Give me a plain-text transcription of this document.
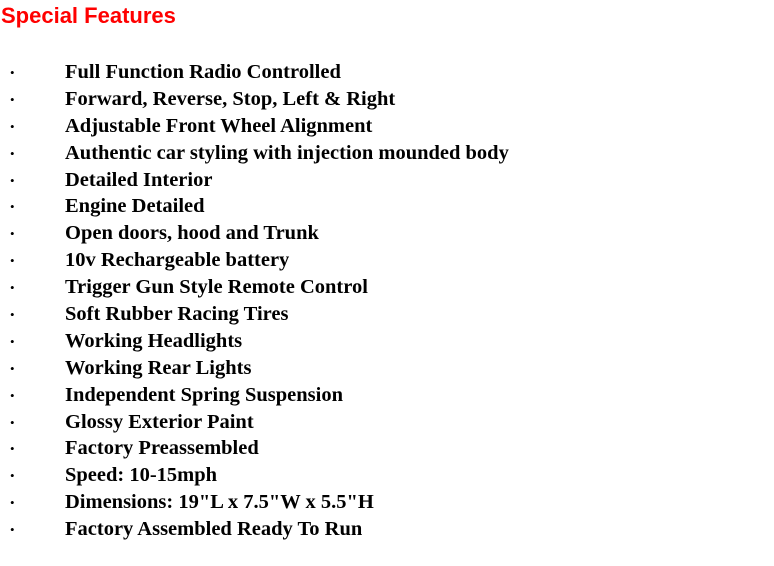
Special Features
• Full Function Radio Controlled
• Forward, Reverse, Stop, Left & Right
• Adjustable Front Wheel Alignment
• Authentic car styling with injection mounded body
• Detailed Interior
• Engine Detailed
• Open doors, hood and Trunk
• 10v Rechargeable battery
• Trigger Gun Style Remote Control
• Soft Rubber Racing Tires
• Working Headlights
• Working Rear Lights
• Independent Spring Suspension
• Glossy Exterior Paint
• Factory Preassembled
• Speed: 10-15mph
• Dimensions: 19"L x 7.5"W x 5.5"H
• Factory Assembled Ready To Run
